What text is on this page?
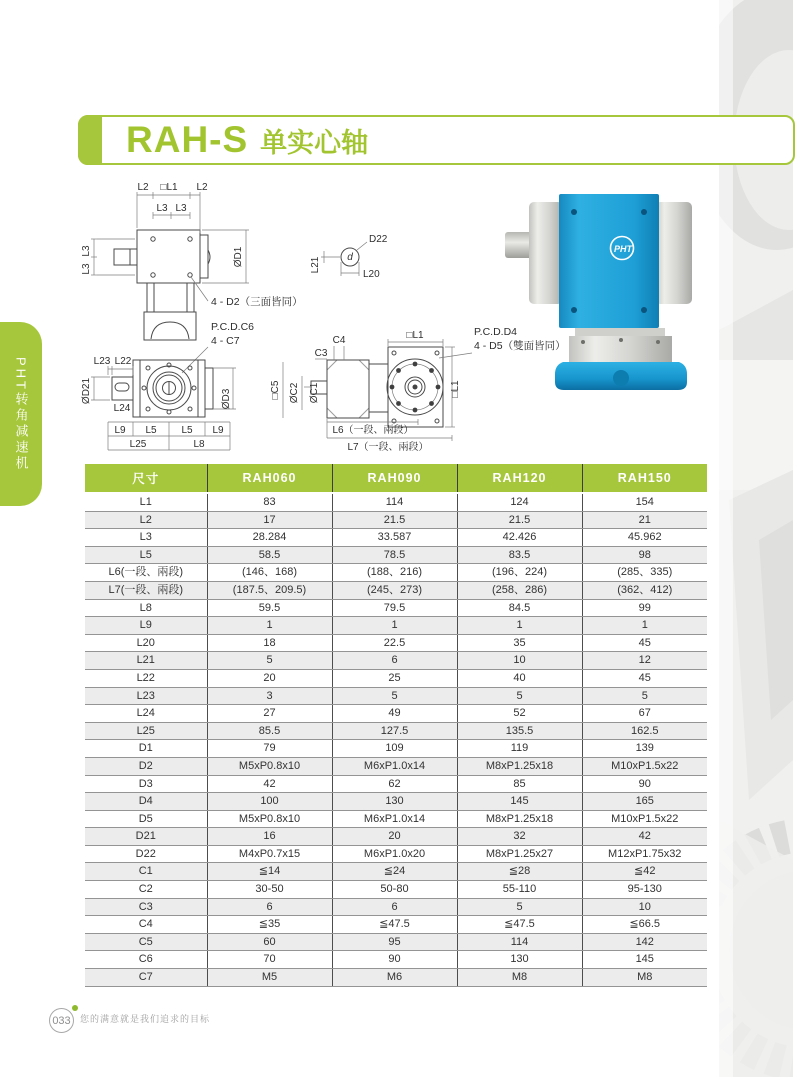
RAH-S 单实心轴
PHT转角减速机
PHT
L2 □L1 L2
L3 L3
L3
L3
ØD1
4 - D2（三面皆同）
P.C.D.C6
4 - C7
d
D22
L20
L21
L23 L22
ØD21
L24	ØD3
L9 L5 L5 L9
L25	L8
C4
C3
□C5 ØC2 ØC1
□L1
□L1
P.C.D.D4
4 - D5（雙面皆同）
L6（一段、兩段）
L7（一段、兩段）
尺寸	RAH060	RAH090	RAH120	RAH150
L1	83	114	124	154
L2	17	21.5	21.5	21
L3	28.284	33.587	42.426	45.962
L5	58.5	78.5	83.5	98
L6(一段、兩段)	(146、168)	(188、216)	(196、224)	(285、335)
L7(一段、兩段)	(187.5、209.5)	(245、273)	(258、286)	(362、412)
L8	59.5	79.5	84.5	99
L9	1	1	1	1
L20	18	22.5	35	45
L21	5	6	10	12
L22	20	25	40	45
L23	3	5	5	5
L24	27	49	52	67
L25	85.5	127.5	135.5	162.5
D1	79	109	119	139
D2	M5xP0.8x10	M6xP1.0x14	M8xP1.25x18	M10xP1.5x22
D3	42	62	85	90
D4	100	130	145	165
D5	M5xP0.8x10	M6xP1.0x14	M8xP1.25x18	M10xP1.5x22
D21	16	20	32	42
D22	M4xP0.7x15	M6xP1.0x20	M8xP1.25x27	M12xP1.75x32
C1	≦14	≦24	≦28	≦42
C2	30-50	50-80	55-110	95-130
C3	6	6	5	10
C4	≦35	≦47.5	≦47.5	≦66.5
C5	60	95	114	142
C6	70	90	130	145
C7	M5	M6	M8	M8
033 您的满意就是我们追求的目标
